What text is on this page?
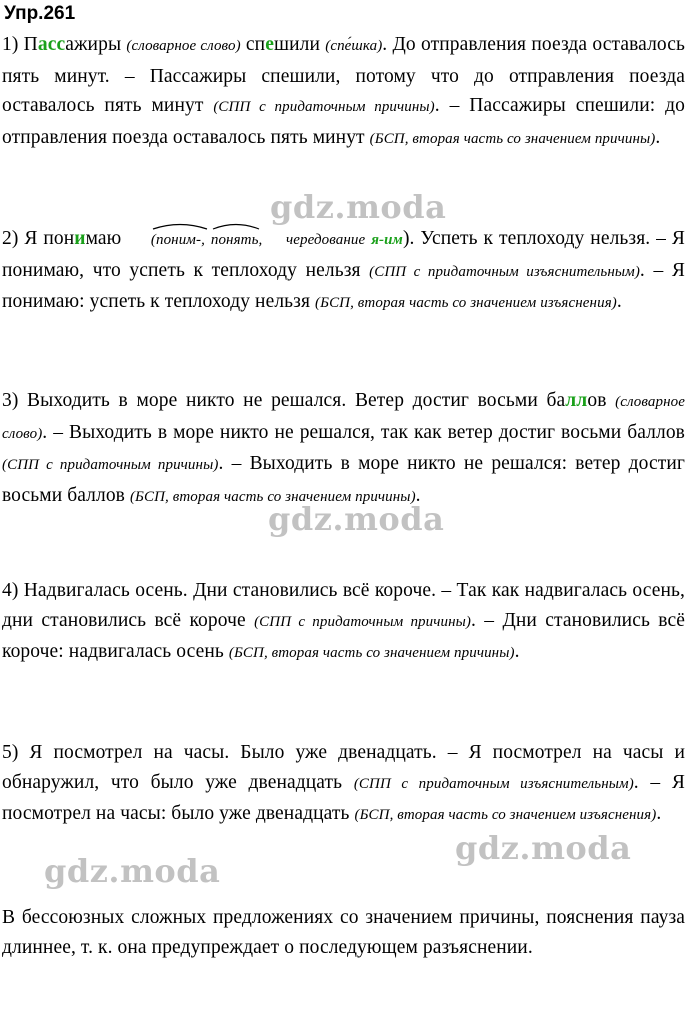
Упр.261
1) Пассажиры (словарное слово) спешили (спе́шка). До отправления поезда оставалось пять минут. – Пассажиры спешили, потому что до отправления поезда оставалось пять минут (СПП с придаточным причины). – Пассажиры спешили: до отправления поезда оставалось пять минут (БСП, вторая часть со значением причины).
2) Я понимаю (поним-, понять, чередование я-им). Успеть к теплоходу нельзя. – Я понимаю, что успеть к теплоходу нельзя (СПП с придаточным изъяснительным). – Я понимаю: успеть к теплоходу нельзя (БСП, вторая часть со значением изъяснения).
3) Выходить в море никто не решался. Ветер достиг восьми баллов (словарное слово). – Выходить в море никто не решался, так как ветер достиг восьми баллов (СПП с придаточным причины). – Выходить в море никто не решался: ветер достиг восьми баллов (БСП, вторая часть со значением причины).
4) Надвигалась осень. Дни становились всё короче. – Так как надвигалась осень, дни становились всё короче (СПП с придаточным причины). – Дни становились всё короче: надвигалась осень (БСП, вторая часть со значением причины).
5) Я посмотрел на часы. Было уже двенадцать. – Я посмотрел на часы и обнаружил, что было уже двенадцать (СПП с придаточным изъяснительным). – Я посмотрел на часы: было уже двенадцать (БСП, вторая часть со значением изъяснения).
В бессоюзных сложных предложениях со значением причины, пояснения пауза длиннее, т. к. она предупреждает о последующем разъяснении.
gdz.moda
gdz.moda
gdz.moda
gdz.moda
